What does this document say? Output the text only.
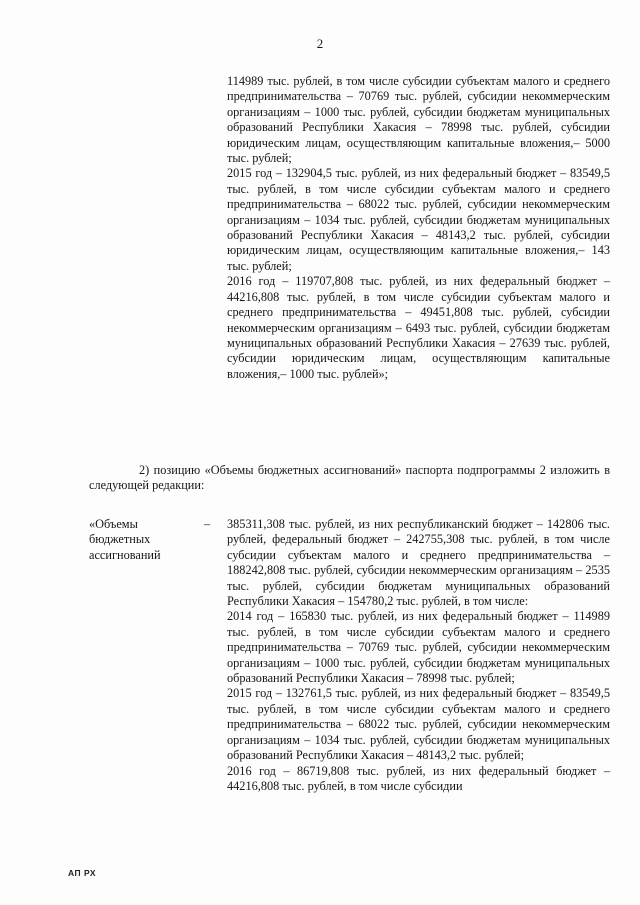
2
114989 тыс. рублей, в том числе субсидии субъектам малого и среднего предпринимательства – 70769 тыс. рублей, субсидии некоммерческим организациям – 1000 тыс. рублей, субсидии бюджетам муниципальных образований Республики Хакасия – 78998 тыс. рублей, субсидии юридическим лицам, осуществляющим капитальные вложения,– 5000 тыс. рублей;
2015 год – 132904,5 тыс. рублей, из них федеральный бюджет – 83549,5 тыс. рублей, в том числе субсидии субъектам малого и среднего предпринимательства – 68022 тыс. рублей, субсидии некоммерческим организациям – 1034 тыс. рублей, субсидии бюджетам муниципальных образований Республики Хакасия – 48143,2 тыс. рублей, субсидии юридическим лицам, осуществляющим капитальные вложения,– 143 тыс. рублей;
2016 год – 119707,808 тыс. рублей, из них федеральный бюджет – 44216,808 тыс. рублей, в том числе субсидии субъектам малого и среднего предпринимательства – 49451,808 тыс. рублей, субсидии некоммерческим организациям – 6493 тыс. рублей, субсидии бюджетам муниципальных образований Республики Хакасия – 27639 тыс. рублей, субсидии юридическим лицам, осуществляющим капитальные вложения,– 1000 тыс. рублей»;

2) позицию «Объемы бюджетных ассигнований» паспорта подпрограммы 2 изложить в следующей редакции:

«Объемы бюджетных ассигнований

– 385311,308 тыс. рублей, из них республиканский бюджет – 142806 тыс. рублей, федеральный бюджет – 242755,308 тыс. рублей, в том числе субсидии субъектам малого и среднего предпринимательства – 188242,808 тыс. рублей, субсидии некоммерческим организациям – 2535 тыс. рублей, субсидии бюджетам муниципальных образований Республики Хакасия – 154780,2 тыс. рублей, в том числе:
2014 год – 165830 тыс. рублей, из них федеральный бюджет – 114989 тыс. рублей, в том числе субсидии субъектам малого и среднего предпринимательства – 70769 тыс. рублей, субсидии некоммерческим организациям – 1000 тыс. рублей, субсидии бюджетам муниципальных образований Республики Хакасия – 78998 тыс. рублей;
2015 год – 132761,5 тыс. рублей, из них федеральный бюджет – 83549,5 тыс. рублей, в том числе субсидии субъектам малого и среднего предпринимательства – 68022 тыс. рублей, субсидии некоммерческим организациям – 1034 тыс. рублей, субсидии бюджетам муниципальных образований Республики Хакасия – 48143,2 тыс. рублей;
2016 год – 86719,808 тыс. рублей, из них федеральный бюджет – 44216,808 тыс. рублей, в том числе субсидии
АП РХ
